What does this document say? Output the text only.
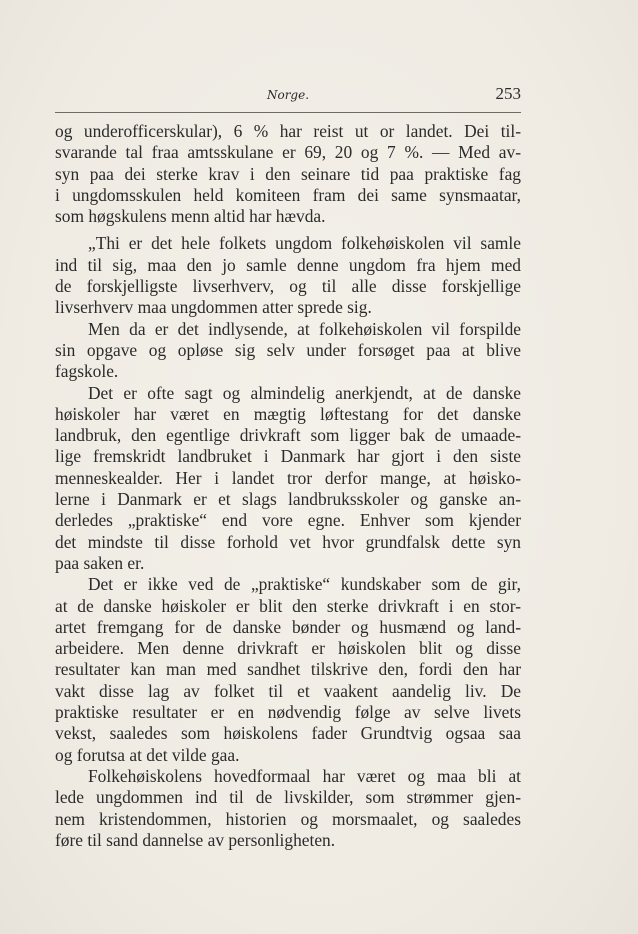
Norge.	253
og underofficerskular), 6 % har reist ut or landet. Dei til-
svarande tal fraa amtsskulane er 69, 20 og 7 %. — Med av-
syn paa dei sterke krav i den seinare tid paa praktiske fag
i ungdomsskulen held komiteen fram dei same synsmaatar,
som høgskulens menn altid har hævda.
„Thi er det hele folkets ungdom folkehøiskolen vil samle
ind til sig, maa den jo samle denne ungdom fra hjem med
de forskjelligste livserhverv, og til alle disse forskjellige
livserhverv maa ungdommen atter sprede sig.
Men da er det indlysende, at folkehøiskolen vil forspilde
sin opgave og opløse sig selv under forsøget paa at blive
fagskole.
Det er ofte sagt og almindelig anerkjendt, at de danske
høiskoler har været en mægtig løftestang for det danske
landbruk, den egentlige drivkraft som ligger bak de umaade-
lige fremskridt landbruket i Danmark har gjort i den siste
menneskealder. Her i landet tror derfor mange, at høisko-
lerne i Danmark er et slags landbruksskoler og ganske an-
derledes „praktiske“ end vore egne. Enhver som kjender
det mindste til disse forhold vet hvor grundfalsk dette syn
paa saken er.
Det er ikke ved de „praktiske“ kundskaber som de gir,
at de danske høiskoler er blit den sterke drivkraft i en stor-
artet fremgang for de danske bønder og husmænd og land-
arbeidere. Men denne drivkraft er høiskolen blit og disse
resultater kan man med sandhet tilskrive den, fordi den har
vakt disse lag av folket til et vaakent aandelig liv. De
praktiske resultater er en nødvendig følge av selve livets
vekst, saaledes som høiskolens fader Grundtvig ogsaa saa
og forutsa at det vilde gaa.
Folkehøiskolens hovedformaal har været og maa bli at
lede ungdommen ind til de livskilder, som strømmer gjen-
nem kristendommen, historien og morsmaalet, og saaledes
føre til sand dannelse av personligheten.
